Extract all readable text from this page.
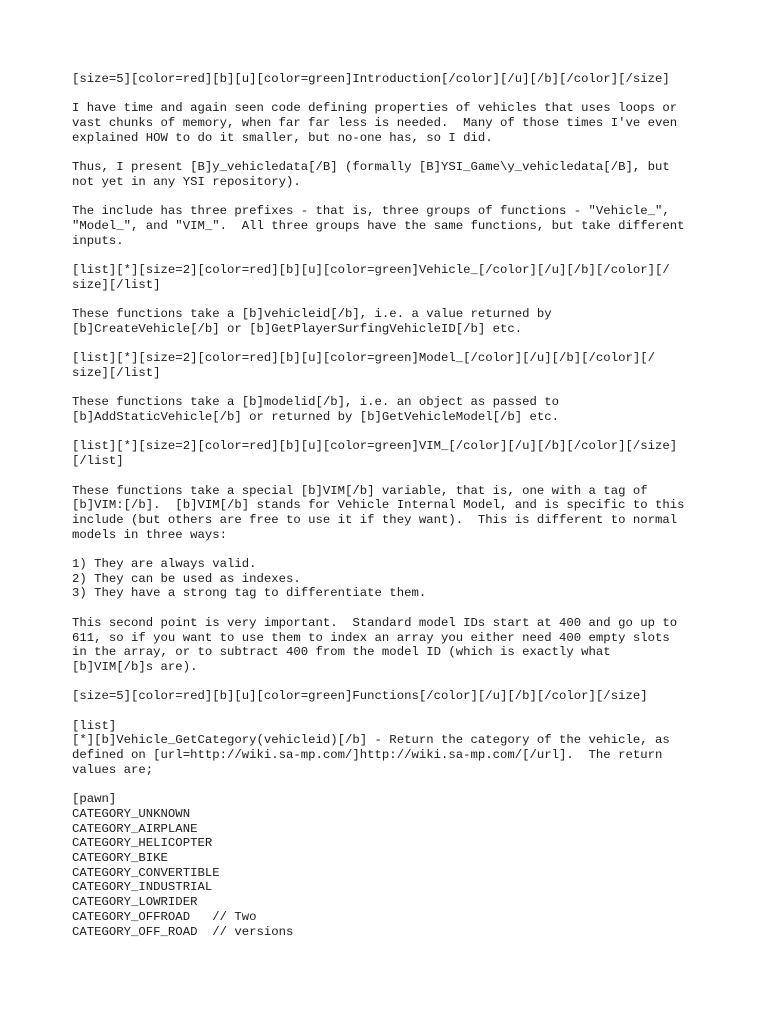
[size=5][color=red][b][u][color=green]Introduction[/color][/u][/b][/color][/size]

I have time and again seen code defining properties of vehicles that uses loops or
vast chunks of memory, when far far less is needed.  Many of those times I've even
explained HOW to do it smaller, but no-one has, so I did.

Thus, I present [B]y_vehicledata[/B] (formally [B]YSI_Game\y_vehicledata[/B], but
not yet in any YSI repository).

The include has three prefixes - that is, three groups of functions - "Vehicle_",
"Model_", and "VIM_".  All three groups have the same functions, but take different
inputs.

[list][*][size=2][color=red][b][u][color=green]Vehicle_[/color][/u][/b][/color][/
size][/list]

These functions take a [b]vehicleid[/b], i.e. a value returned by
[b]CreateVehicle[/b] or [b]GetPlayerSurfingVehicleID[/b] etc.

[list][*][size=2][color=red][b][u][color=green]Model_[/color][/u][/b][/color][/
size][/list]

These functions take a [b]modelid[/b], i.e. an object as passed to
[b]AddStaticVehicle[/b] or returned by [b]GetVehicleModel[/b] etc.

[list][*][size=2][color=red][b][u][color=green]VIM_[/color][/u][/b][/color][/size]
[/list]

These functions take a special [b]VIM[/b] variable, that is, one with a tag of
[b]VIM:[/b].  [b]VIM[/b] stands for Vehicle Internal Model, and is specific to this
include (but others are free to use it if they want).  This is different to normal
models in three ways:

1) They are always valid.
2) They can be used as indexes.
3) They have a strong tag to differentiate them.

This second point is very important.  Standard model IDs start at 400 and go up to
611, so if you want to use them to index an array you either need 400 empty slots
in the array, or to subtract 400 from the model ID (which is exactly what
[b]VIM[/b]s are).

[size=5][color=red][b][u][color=green]Functions[/color][/u][/b][/color][/size]

[list]
[*][b]Vehicle_GetCategory(vehicleid)[/b] - Return the category of the vehicle, as
defined on [url=http://wiki.sa-mp.com/]http://wiki.sa-mp.com/[/url].  The return
values are;

[pawn]
CATEGORY_UNKNOWN
CATEGORY_AIRPLANE
CATEGORY_HELICOPTER
CATEGORY_BIKE
CATEGORY_CONVERTIBLE
CATEGORY_INDUSTRIAL
CATEGORY_LOWRIDER
CATEGORY_OFFROAD   // Two
CATEGORY_OFF_ROAD  // versions
